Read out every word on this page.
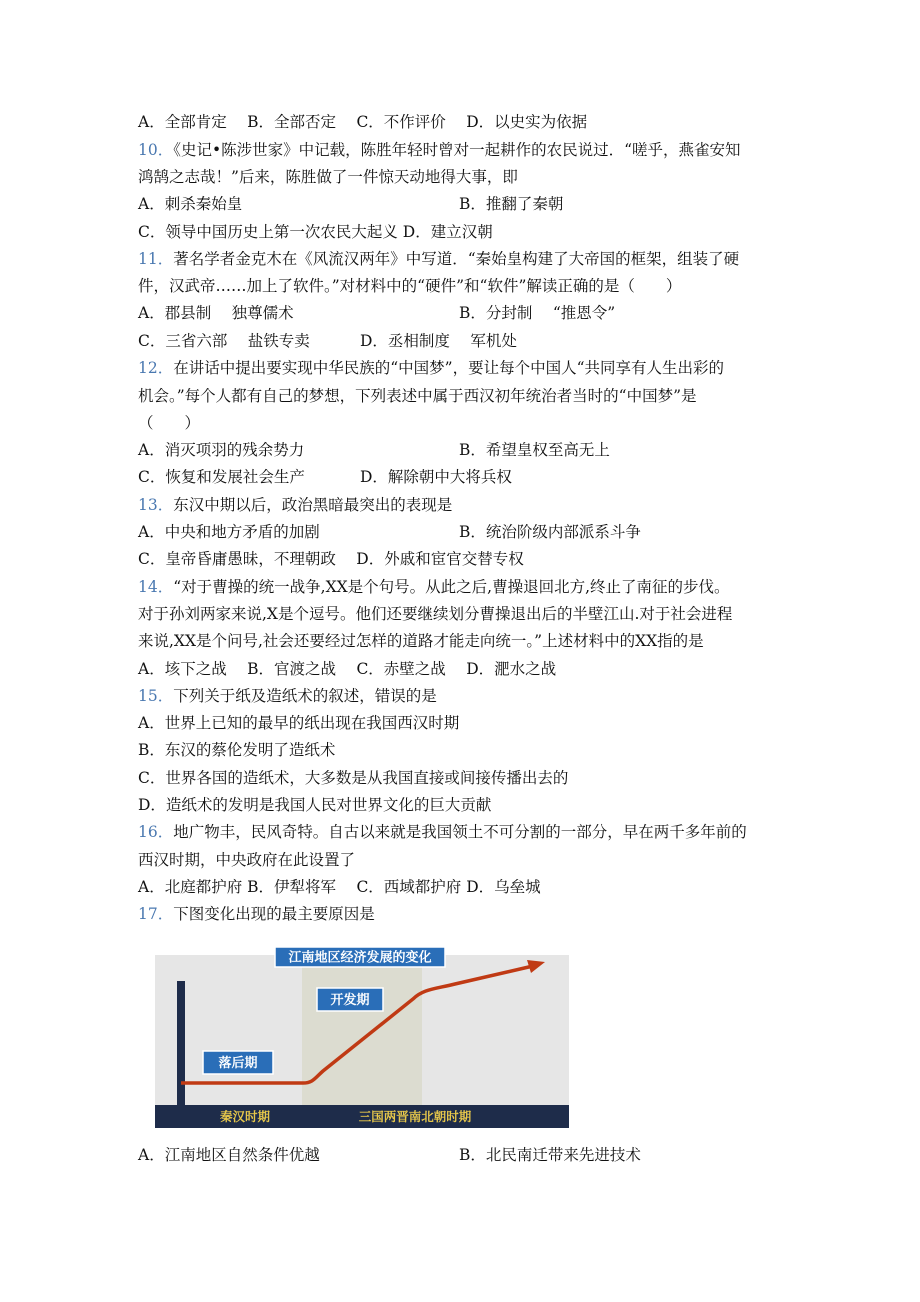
A．全部肯定　 B．全部否定　 C．不作评价　 D．以史实为依据
10．《史记•陈涉世家》中记载，陈胜年轻时曾对一起耕作的农民说过．“嗟乎，燕雀安知
鸿鹄之志哉！”后来，陈胜做了一件惊天动地得大事，即
A．刺杀秦始皇	B．推翻了秦朝
C．领导中国历史上第一次农民大起义 D．建立汉朝
11．著名学者金克木在《风流汉两年》中写道．“秦始皇构建了大帝国的框架，组装了硬
件，汉武帝……加上了软件。”对材料中的“硬件”和“软件”解读正确的是（　　）
A．郡县制　 独尊儒术	B．分封制　 “推恩令”
C．三省六部　 盐铁专卖	D．丞相制度　 军机处
12．在讲话中提出要实现中华民族的“中国梦”，要让每个中国人“共同享有人生出彩的
机会。”每个人都有自己的梦想，下列表述中属于西汉初年统治者当时的“中国梦”是
（　　）
A．消灭项羽的残余势力	B．希望皇权至高无上
C．恢复和发展社会生产	D．解除朝中大将兵权
13．东汉中期以后，政治黑暗最突出的表现是
A．中央和地方矛盾的加剧	B．统治阶级内部派系斗争
C．皇帝昏庸愚昧，不理朝政　 D．外戚和宦官交替专权
14．“对于曹操的统一战争,XX是个句号。从此之后,曹操退回北方,终止了南征的步伐。
对于孙刘两家来说,X是个逗号。他们还要继续划分曹操退出后的半壁江山.对于社会进程
来说,XX是个问号,社会还要经过怎样的道路才能走向统一。”上述材料中的XX指的是
A．垓下之战　 B．官渡之战　 C．赤壁之战　 D．淝水之战
15．下列关于纸及造纸术的叙述，错误的是
A．世界上已知的最早的纸出现在我国西汉时期
B．东汉的蔡伦发明了造纸术
C．世界各国的造纸术，大多数是从我国直接或间接传播出去的
D．造纸术的发明是我国人民对世界文化的巨大贡献
16．地广物丰，民风奇特。自古以来就是我国领土不可分割的一部分，早在两千多年前的
西汉时期，中央政府在此设置了
A．北庭都护府 B．伊犁将军　 C．西域都护府 D．乌垒城
17．下图变化出现的最主要原因是
江南地区经济发展的变化
秦汉时期	三国两晋南北朝时期
落后期
开发期
A．江南地区自然条件优越	B．北民南迁带来先进技术
